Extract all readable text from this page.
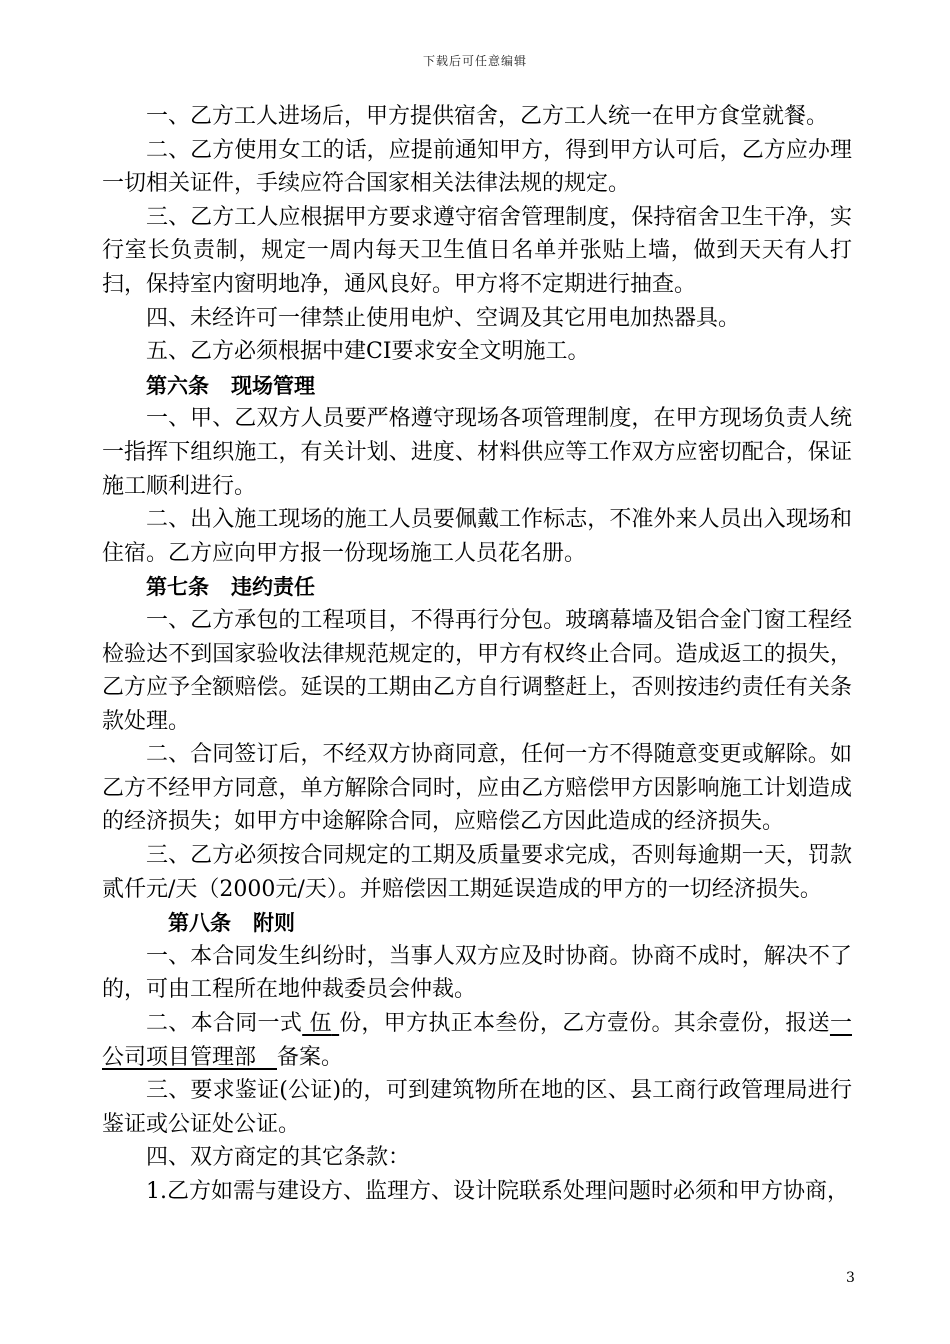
下载后可任意编辑

一、乙方工人进场后，甲方提供宿舍，乙方工人统一在甲方食堂就餐。

二、乙方使用女工的话，应提前通知甲方，得到甲方认可后，乙方应办理一切相关证件，手续应符合国家相关法律法规的规定。

三、乙方工人应根据甲方要求遵守宿舍管理制度，保持宿舍卫生干净，实行室长负责制，规定一周内每天卫生值日名单并张贴上墙，做到天天有人打扫，保持室内窗明地净，通风良好。甲方将不定期进行抽查。

四、未经许可一律禁止使用电炉、空调及其它用电加热器具。

五、乙方必须根据中建CI要求安全文明施工。

第六条 现场管理

一、甲、乙双方人员要严格遵守现场各项管理制度，在甲方现场负责人统一指挥下组织施工，有关计划、进度、材料供应等工作双方应密切配合，保证施工顺利进行。

二、出入施工现场的施工人员要佩戴工作标志，不准外来人员出入现场和住宿。乙方应向甲方报一份现场施工人员花名册。

第七条 违约责任

一、乙方承包的工程项目，不得再行分包。玻璃幕墙及铝合金门窗工程经检验达不到国家验收法律规范规定的，甲方有权终止合同。造成返工的损失，乙方应予全额赔偿。延误的工期由乙方自行调整赶上，否则按违约责任有关条款处理。

二、合同签订后，不经双方协商同意，任何一方不得随意变更或解除。如乙方不经甲方同意，单方解除合同时，应由乙方赔偿甲方因影响施工计划造成的经济损失；如甲方中途解除合同，应赔偿乙方因此造成的经济损失。

三、乙方必须按合同规定的工期及质量要求完成，否则每逾期一天，罚款贰仟元/天（2000元/天）。并赔偿因工期延误造成的甲方的一切经济损失。

第八条 附则

一、本合同发生纠纷时，当事人双方应及时协商。协商不成时，解决不了的，可由工程所在地仲裁委员会仲裁。

二、本合同一式 伍 份，甲方执正本叁份，乙方壹份。其余壹份，报送一公司项目管理部 备案。

三、要求鉴证(公证)的，可到建筑物所在地的区、县工商行政管理局进行鉴证或公证处公证。

四、双方商定的其它条款：

1.乙方如需与建设方、监理方、设计院联系处理问题时必须和甲方协商，

3
